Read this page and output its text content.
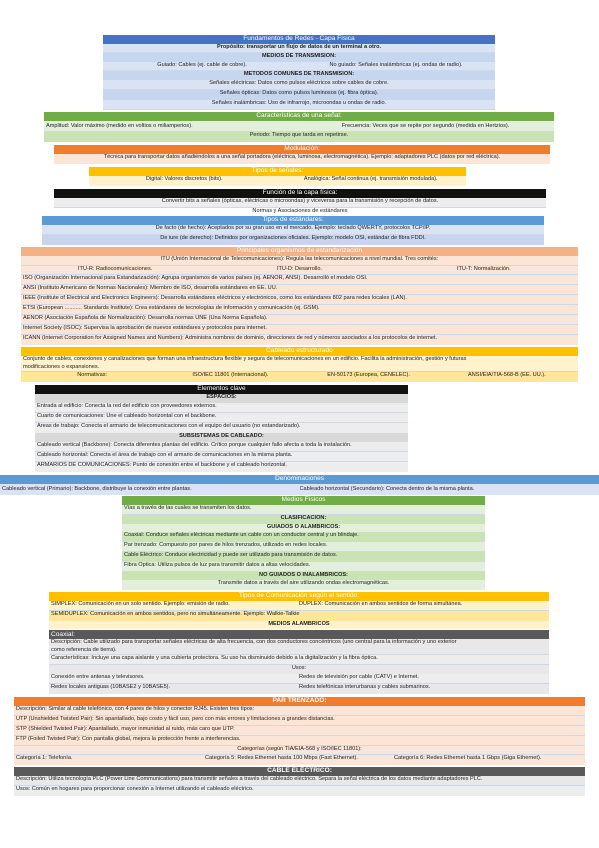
Fundamentos de Redes - Capa Física
Propósito: transportar un flujo de datos de un terminal a otro.
MEDIOS DE TRANSMISIÓN:
Guiado: Cables (ej. cable de cobre).	No guiado: Señales inalámbricas (ej. ondas de radio).
MÉTODOS COMUNES DE TRANSMISIÓN:
Señales eléctricas: Datos como pulsos eléctricos sobre cables de cobre.
Señales ópticas: Datos como pulsos luminosos (ej. fibra óptica).
Señales inalámbricas: Uso de infrarrojo, microondas u ondas de radio.
Características de una señal:
Amplitud: Valor máximo (medido en voltios o miliamperios).	Frecuencia: Veces que se repite por segundo (medida en Hertzios).
Periodo: Tiempo que tarda en repetirse.
Modulación:
Técnica para transportar datos añadiéndolos a una señal portadora (eléctrica, luminosa, electromagnética). Ejemplo: adaptadores PLC (datos por red eléctrica).
Tipos de señales:
Digital: Valores discretos (bits).	Analógica: Señal continua (ej. transmisión modulada).
Función de la capa física:
Convertir bits a señales (ópticas, eléctricas o microondas) y viceversa para la transmisión y recepción de datos.
Normas y Asociaciones de estándares
Tipos de estándares:
De facto (de hecho): Aceptados por su gran uso en el mercado. Ejemplo: teclado QWERTY, protocolos TCP/IP.
De iure (de derecho): Definidos por organizaciones oficiales. Ejemplo: modelo OSI, estándar de fibra FDDI.
Principales organismos de estandarización
ITU (Unión Internacional de Telecomunicaciones): Regula las telecomunicaciones a nivel mundial. Tres comités:
ITU-R: Radiocomunicaciones.	ITU-D: Desarrollo.	ITU-T: Normalización.
ISO (Organización Internacional para Estandarización): Agrupa organismos de varios países (ej. AENOR, ANSI). Desarrolló el modelo OSI.
ANSI (Instituto Americano de Normas Nacionales): Miembro de ISO, desarrolla estándares en EE. UU.
IEEE (Institute of Electrical and Electronics Engineers): Desarrolla estándares eléctricos y electrónicos, como los estándares 802 para redes locales (LAN).
ETSI (European ........... Standards Institute): Crea estándares de tecnologías de información y comunicación (ej. GSM).
AENOR (Asociación Española de Normalización): Desarrolla normas UNE (Una Norma Española).
Internet Society (ISOC): Supervisa la aprobación de nuevos estándares y protocolos para internet.
ICANN (Internet Corporation for Assigned Names and Numbers): Administra nombres de dominio, direcciones de red y números asociados a los protocolos de internet.
Cableado estructurado
Conjunto de cables, conexiones y canalizaciones que forman una infraestructura flexible y segura de telecomunicaciones en un edificio. Facilita la administración, gestión y futuras
modificaciones o expansiones.
Normativas:	ISO/IEC 11801 (Internacional).	EN-50173 (Europea, CENELEC).	ANSI/EIA/TIA-568-B (EE. UU.).
Elementos clave
ESPACIOS:
Entrada al edificio: Conecta la red del edificio con proveedores externos.
Cuarto de comunicaciones: Une el cableado horizontal con el backbone.
Áreas de trabajo: Conecta el armario de telecomunicaciones con el equipo del usuario (no estandarizado).
SUBSISTEMAS DE CABLEADO:
Cableado vertical (Backbone): Conecta diferentes plantas del edificio. Crítico porque cualquier fallo afecta a toda la instalación.
Cableado horizontal: Conecta el área de trabajo con el armario de comunicaciones en la misma planta.
ARMARIOS DE COMUNICACIONES: Punto de conexión entre el backbone y el cableado horizontal.
Denominaciones
Cableado vertical (Primario): Backbone, distribuye la conexión entre plantas.	Cableado horizontal (Secundario): Conecta dentro de la misma planta.
Medios Físicos
Vías a través de las cuales se transmiten los datos.
CLASIFICACIÓN:
GUIADOS O ALÁMBRICOS:
Coaxial: Conduce señales eléctricas mediante un cable con un conductor central y un blindaje.
Par trenzado: Compuesto por pares de hilos trenzados, utilizado en redes locales.
Cable Eléctrico: Conduce electricidad y puede ser utilizado para transmisión de datos.
Fibra Óptica: Utiliza pulsos de luz para transmitir datos a altas velocidades.
NO GUIADOS O INALÁMBRICOS:
Transmite datos a través del aire utilizando ondas electromagnéticas.
Tipos de Comunicación según el sentido:
SIMPLEX: Comunicación en un solo sentido. Ejemplo: emisión de radio.	DÚPLEX: Comunicación en ambos sentidos de forma simultánea.
SEMIDÚPLEX: Comunicación en ambos sentidos, pero no simultáneamente. Ejemplo: Walkie-Talkie
MEDIOS ALÁMBRICOS
Coaxial:
Descripción: Cable utilizado para transportar señales eléctricas de alta frecuencia, con dos conductores concéntricos (uno central para la información y uno exterior
como referencia de tierra).
Características: Incluye una capa aislante y una cubierta protectora. Su uso ha disminuido debido a la digitalización y la fibra óptica.
Usos:
Conexión entre antenas y televisores.	Redes de televisión por cable (CATV) e Internet.
Redes locales antiguas (10BASE2 y 10BASE5).	Redes telefónicas interurbanas y cables submarinos.
PAR TRENZADO:
Descripción: Similar al cable telefónico, con 4 pares de hilos y conector RJ45. Existen tres tipos:
UTP (Unshielded Twisted Pair): Sin apantallado, bajo costo y fácil uso, pero con más errores y limitaciones a grandes distancias.
STP (Shielded Twisted Pair): Apantallado, mayor inmunidad al ruido, más caro que UTP.
FTP (Foiled Twisted Pair): Con pantalla global, mejora la protección frente a interferencias.
Categorías (según TIA/EIA-568 y ISO/IEC 11801):
Categoría 1: Telefonía.	Categoría 5: Redes Ethernet hasta 100 Mbps (Fast Ethernet).	Categoría 6: Redes Ethernet hasta 1 Gbps (Giga Ethernet).
CABLE ELÉCTRICO:
Descripción: Utiliza tecnología PLC (Power Line Communications) para transmitir señales a través del cableado eléctrico. Separa la señal eléctrica de los datos mediante adaptadores PLC.
Usos: Común en hogares para proporcionar conexión a Internet utilizando el cableado eléctrico.
